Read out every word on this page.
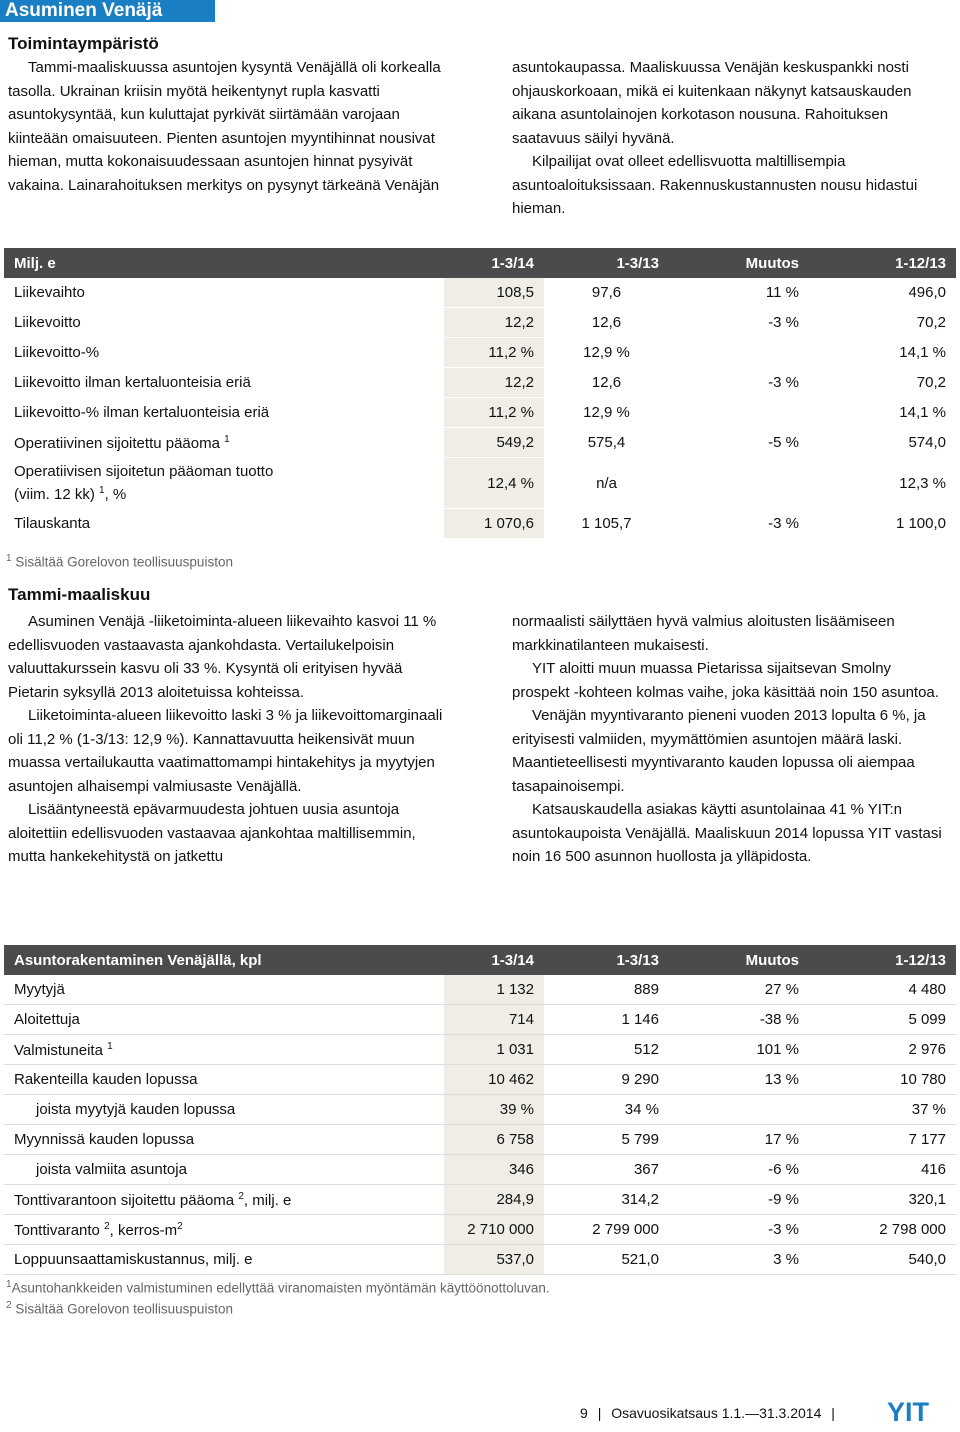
Asuminen Venäjä
Toimintaympäristö

Tammi-maaliskuussa asuntojen kysyntä Venäjällä oli korkealla tasolla. Ukrainan kriisin myötä heikentynyt rupla kasvatti asuntokysyntää, kun kuluttajat pyrkivät siirtämään varojaan kiinteään omaisuuteen. Pienten asuntojen myyntihinnat nousivat hieman, mutta kokonaisuudessaan asuntojen hinnat pysyivät vakaina. Lainarahoituksen merkitys on pysynyt tärkeänä Venäjän

asuntokaupassa. Maaliskuussa Venäjän keskuspankki nosti ohjauskorkoaan, mikä ei kuitenkaan näkynyt katsauskauden aikana asuntolainojen korkotason nousuna. Rahoituksen saatavuus säilyi hyvänä.

Kilpailijat ovat olleet edellisvuotta maltillisempia asuntoaloituksissaan. Rakennuskustannusten nousu hidastui hieman.

Milj. e	1-3/14	1-3/13	Muutos	1-12/13
Liikevaihto	108,5	97,6	11 %	496,0
Liikevoitto	12,2	12,6	-3 %	70,2
Liikevoitto-%	11,2 %	12,9 %		14,1 %
Liikevoitto ilman kertaluonteisia eriä	12,2	12,6	-3 %	70,2
Liikevoitto-% ilman kertaluonteisia eriä	11,2 %	12,9 %		14,1 %
Operatiivinen sijoitettu pääoma $^1$	549,2	575,4	-5 %	574,0
Operatiivisen sijoitetun pääoman tuotto
(viim. 12 kk) $^1$, %	12,4 %	n/a		12,3 %
Tilauskanta	1 070,6	1 105,7	-3 %	1 100,0
$^1$ Sisältää Gorelovon teollisuuspuiston
Tammi-maaliskuu

Asuminen Venäjä -liiketoiminta-alueen liikevaihto kasvoi 11 % edellisvuoden vastaavasta ajankohdasta. Vertailukelpoisin valuuttakurssein kasvu oli 33 %. Kysyntä oli erityisen hyvää Pietarin syksyllä 2013 aloitetuissa kohteissa.

Liiketoiminta-alueen liikevoitto laski 3 % ja liikevoittomarginaali oli 11,2 % (1-3/13: 12,9 %). Kannattavuutta heikensivät muun muassa vertailukautta vaatimattomampi hintakehitys ja myytyjen asuntojen alhaisempi valmiusaste Venäjällä.

Lisääntyneestä epävarmuudesta johtuen uusia asuntoja aloitettiin edellisvuoden vastaavaa ajankohtaa maltillisemmin, mutta hankekehitystä on jatkettu

normaalisti säilyttäen hyvä valmius aloitusten lisäämiseen markkinatilanteen mukaisesti.

YIT aloitti muun muassa Pietarissa sijaitsevan Smolny prospekt -kohteen kolmas vaihe, joka käsittää noin 150 asuntoa.

Venäjän myyntivaranto pieneni vuoden 2013 lopulta 6 %, ja erityisesti valmiiden, myymättömien asuntojen määrä laski. Maantieteellisesti myyntivaranto kauden lopussa oli aiempaa tasapainoisempi.

Katsauskaudella asiakas käytti asuntolainaa 41 % YIT:n asuntokaupoista Venäjällä. Maaliskuun 2014 lopussa YIT vastasi noin 16 500 asunnon huollosta ja ylläpidosta.

Asuntorakentaminen Venäjällä, kpl	1-3/14	1-3/13	Muutos	1-12/13
Myytyjä	1 132	889	27 %	4 480
Aloitettuja	714	1 146	-38 %	5 099
Valmistuneita $^1$	1 031	512	101 %	2 976
Rakenteilla kauden lopussa	10 462	9 290	13 %	10 780
joista myytyjä kauden lopussa	39 %	34 %		37 %
Myynnissä kauden lopussa	6 758	5 799	17 %	7 177
joista valmiita asuntoja	346	367	-6 %	416
Tonttivarantoon sijoitettu pääoma $^2$, milj. e	284,9	314,2	-9 %	320,1
Tonttivaranto $^2$, kerros-$m^2$	2 710 000	2 799 000	-3 %	2 798 000
Loppuunsaattamiskustannus, milj. e	537,0	521,0	3 %	540,0
$^1$Asuntohankkeiden valmistuminen edellyttää viranomaisten myöntämän käyttöönottoluvan.
$^2$ Sisältää Gorelovon teollisuuspuiston
9 | Osavuosikatsaus 1.1.—31.3.2014 | YIT
